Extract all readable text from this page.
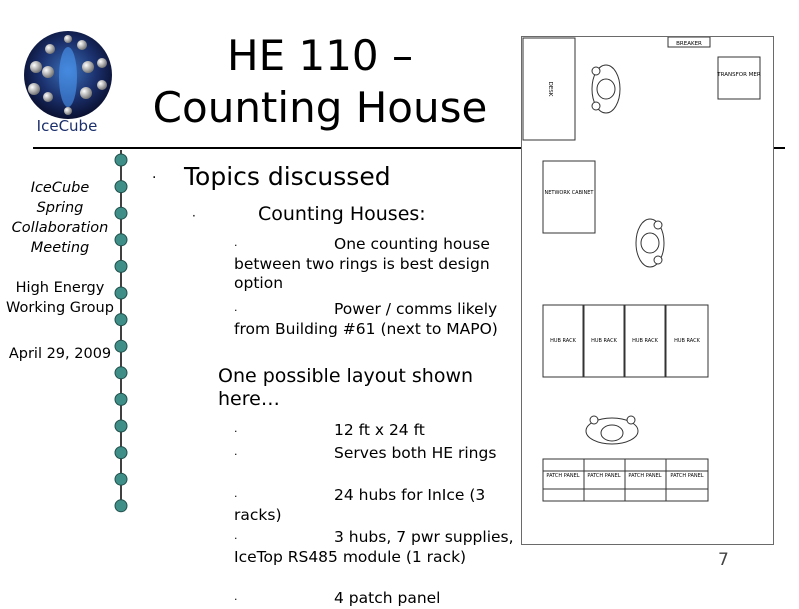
IceCube
HE 110 –
Counting House
IceCube
Spring
Collaboration
Meeting
High Energy
Working Group
April 29, 2009
· Topics discussed
·	Counting Houses:
·	One counting house between two rings is best design option
·	Power / comms likely from Building #61 (next to MAPO)
One possible layout shown here…
·	12 ft x 24 ft
·	Serves both HE rings
·	24 hubs for InIce (3 racks)
·	3 hubs, 7 pwr supplies, IceTop RS485 module (1 rack)
·	4 patch panel
BREAKER
DESK
TRANSFOR MER
NETWORK CABINET
HUB RACK	HUB RACK	HUB RACK	HUB RACK
PATCH PANEL PATCH PANEL PATCH PANEL PATCH PANEL
7
